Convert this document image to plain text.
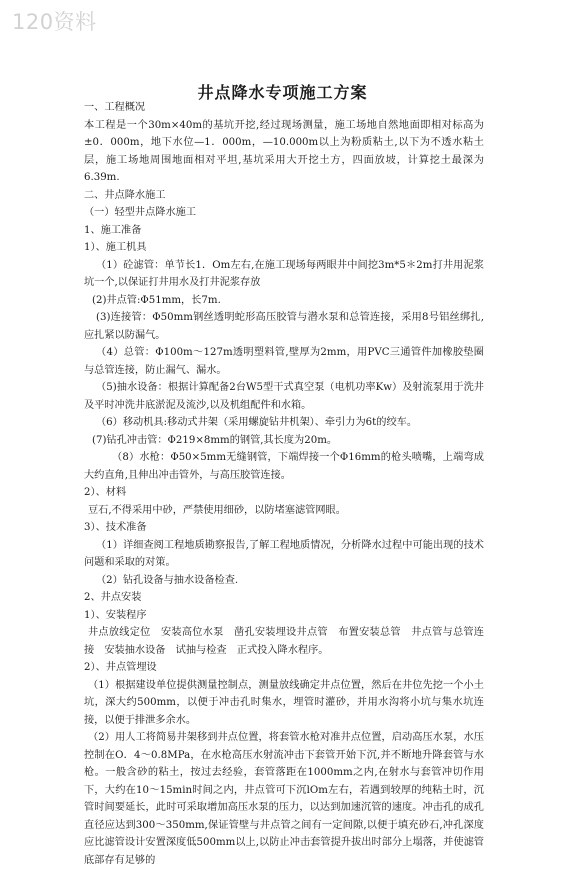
120资料
井点降水专项施工方案

一、工程概况

本工程是一个30m×40m的基坑开挖,经过现场测量，施工场地自然地面即相对标高为±0．000m，地下水位—1．000m，—10.000m以上为粉质粘土,以下为不透水粘土层，施工场地周围地面相对平坦,基坑采用大开挖土方，四面放坡，计算挖土最深为6.39m.

二、井点降水施工

（一）轻型井点降水施工

1、施工准备

1）、施工机具

（1）砼滤管：单节长1．Om左右,在施工现场每两眼井中间挖3m*5＊2m打井用泥浆坑一个,以保证打井用水及打井泥浆存放

(2)井点管:Φ51mm，长7m.

(3)连接管：Φ50mm钢丝透明蛇形高压胶管与潜水泵和总管连接，采用8号铝丝绑扎,应扎紧以防漏气。

（4）总管：Φ100m～127m透明塑料管,壁厚为2mm，用PVC三通管件加橡胶垫圈与总管连接，防止漏气、漏水。

（5)抽水设备：根据计算配备2台W5型干式真空泵（电机功率Kw）及射流泵用于洗井及平时冲洗井底淤泥及流沙,以及机组配件和水箱。

（6）移动机具:移动式井架（采用螺旋钻井机架）、牵引力为6t的绞车。

(7)钻孔冲击管：Φ219×8mm的钢管,其长度为20m。

（8）水枪：Φ50×5mm无缝钢管，下端焊接一个Φ16mm的枪头喷嘴，上端弯成大约直角,且伸出冲击管外，与高压胶管连接。

2）、材料

豆石,不得采用中砂，严禁使用细砂，以防堵塞滤管网眼。

3）、技术准备

（1）详细查阅工程地质勘察报告,了解工程地质情况，分析降水过程中可能出现的技术问题和采取的对策。

（2）钻孔设备与抽水设备检查.

2、井点安装

1）、安装程序

井点放线定位　安装高位水泵　凿孔安装埋设井点管　布置安装总管　井点管与总管连接　安装抽水设备　试抽与检查　正式投入降水程序。

2）、井点管埋设

（1）根据建设单位提供测量控制点，测量放线确定井点位置，然后在井位先挖一个小土坑，深大约500mm，以便于冲击孔时集水，埋管时灌砂，并用水沟将小坑与集水坑连接，以便于排泄多余水。

（2）用人工将简易井架移到井点位置，将套管水枪对准井点位置，启动高压水泵，水压控制在O．4～0.8MPa，在水枪高压水射流冲击下套管开始下沉,并不断地升降套管与水枪。一般含砂的粘土，按过去经验，套管落距在1000mm之内,在射水与套管冲切作用下，大约在10～15min时间之内，井点管可下沉lOm左右，若遇到较厚的纯粘土时，沉管时间要延长，此时可采取增加高压水泵的压力，以达到加速沉管的速度。冲击孔的成孔直径应达到300～350mm,保证管壁与井点管之间有一定间隙,以便于填充砂石,冲孔深度应比滤管设计安置深度低500mm以上,以防止冲击套管提升拔出时部分上塌落，并使滤管底部存有足够的
